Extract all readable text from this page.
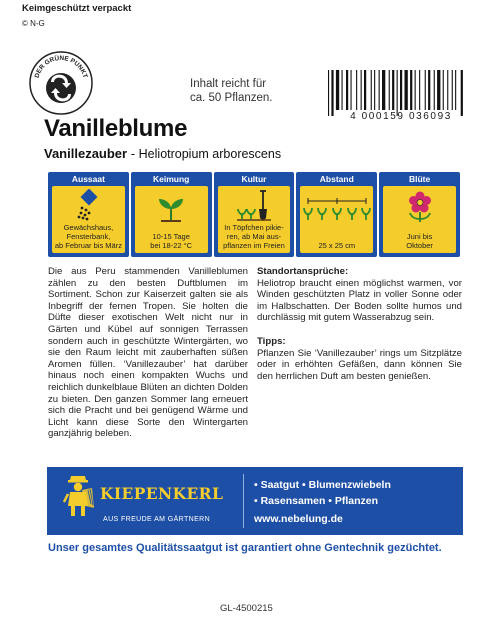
Keimgeschützt verpackt
© N-G
DER GRÜNE PUNKT
Inhalt reicht für
ca. 50 Pflanzen.
4 000159 036093
Vanilleblume
Vanillezauber - Heliotropium arborescens
Aussaat
Gewächshaus,
Fensterbank,
ab Februar bis März
Keimung
10-15 Tage
bei 18-22 °C
Kultur
In Töpfchen pikie-
ren, ab Mai aus-
pflanzen im Freien
Abstand
25 x 25 cm
Blüte
Juni bis
Oktober
Die aus Peru stammenden Vanilleblumen zählen zu den besten Duftblumen im Sortiment. Schon zur Kaiserzeit galten sie als Inbegriff der fernen Tropen. Sie holten die Düfte dieser exotischen Welt nicht nur in Gärten und Kübel auf sonnigen Terrassen sondern auch in geschützte Wintergärten, wo sie den Raum leicht mit zauberhaften süßen Aromen füllen. ‘Vanillezauber’ hat darüber hinaus noch einen kompakten Wuchs und reichlich dunkelblaue Blüten an dichten Dolden zu bieten. Den ganzen Sommer lang erneuert sich die Pracht und bei genügend Wärme und Licht kann diese Sorte den Wintergarten ganzjährig beleben.
Standortansprüche:
Heliotrop braucht einen möglichst warmen, vor Winden geschützten Platz in voller Sonne oder im Halbschatten. Der Boden sollte humos und durchlässig mit gutem Wasserabzug sein.
Tipps:
Pflanzen Sie ‘Vanillezauber’ rings um Sitzplätze oder in erhöhten Gefäßen, dann können Sie den herrlichen Duft am besten genießen.
KIEPENKERL
AUS FREUDE AM GÄRTNERN
• Saatgut • Blumenzwiebeln
• Rasensamen • Pflanzen
www.nebelung.de
Unser gesamtes Qualitätssaatgut ist garantiert ohne Gentechnik gezüchtet.
GL-4500215
